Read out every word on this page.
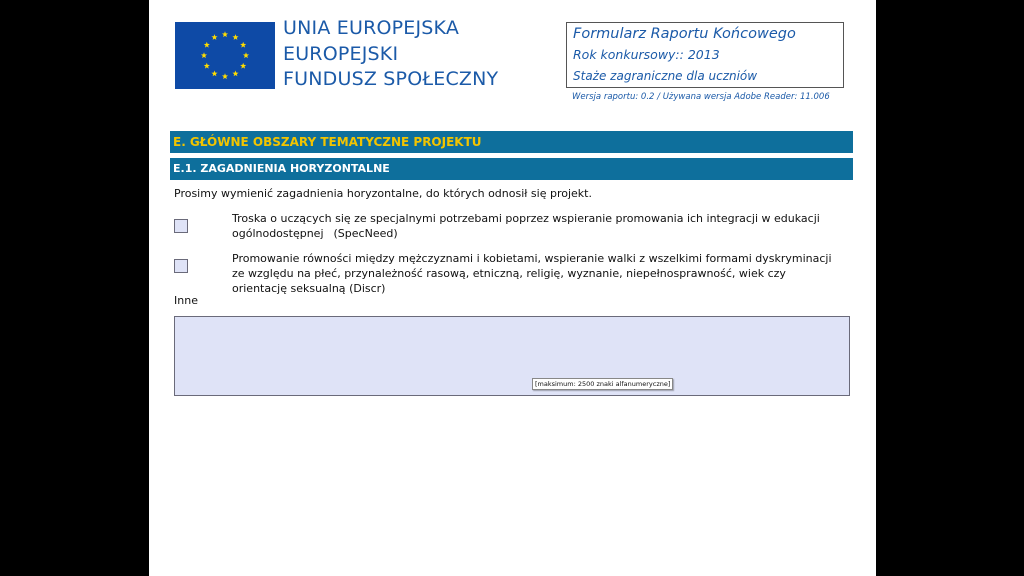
UNIA EUROPEJSKA
EUROPEJSKI
FUNDUSZ SPOŁECZNY
Formularz Raportu Końcowego
Rok konkursowy:: 2013
Staże zagraniczne dla uczniów
Wersja raportu: 0.2 / Używana wersja Adobe Reader: 11.006
E. GŁÓWNE OBSZARY TEMATYCZNE PROJEKTU
E.1. ZAGADNIENIA HORYZONTALNE
Prosimy wymienić zagadnienia horyzontalne, do których odnosił się projekt.
Troska o uczących się ze specjalnymi potrzebami poprzez wspieranie promowania ich integracji w edukacji ogólnodostępnej (SpecNeed)
Promowanie równości między mężczyznami i kobietami, wspieranie walki z wszelkimi formami dyskryminacji ze względu na płeć, przynależność rasową, etniczną, religię, wyznanie, niepełnosprawność, wiek czy orientację seksualną (Discr)
Inne
[maksimum: 2500 znaki alfanumeryczne]
